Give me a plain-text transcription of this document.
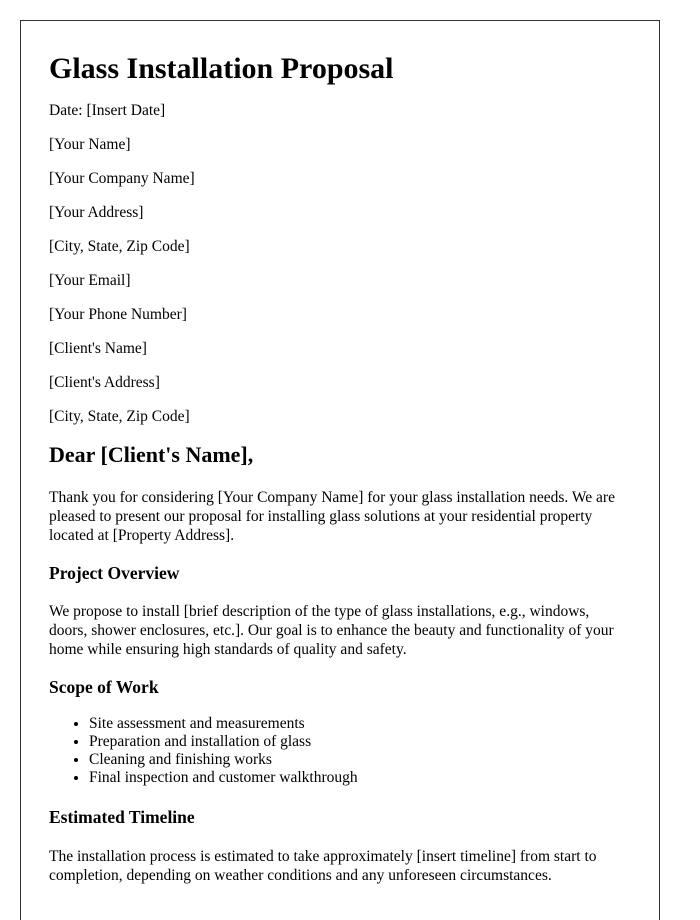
Glass Installation Proposal
Date: [Insert Date]
[Your Name]
[Your Company Name]
[Your Address]
[City, State, Zip Code]
[Your Email]
[Your Phone Number]
[Client's Name]
[Client's Address]
[City, State, Zip Code]
Dear [Client's Name],

Thank you for considering [Your Company Name] for your glass installation needs. We are pleased to present our proposal for installing glass solutions at your residential property located at [Property Address].

Project Overview

We propose to install [brief description of the type of glass installations, e.g., windows, doors, shower enclosures, etc.]. Our goal is to enhance the beauty and functionality of your home while ensuring high standards of quality and safety.

Scope of Work
• Site assessment and measurements
• Preparation and installation of glass
• Cleaning and finishing works
• Final inspection and customer walkthrough
Estimated Timeline

The installation process is estimated to take approximately [insert timeline] from start to completion, depending on weather conditions and any unforeseen circumstances.
